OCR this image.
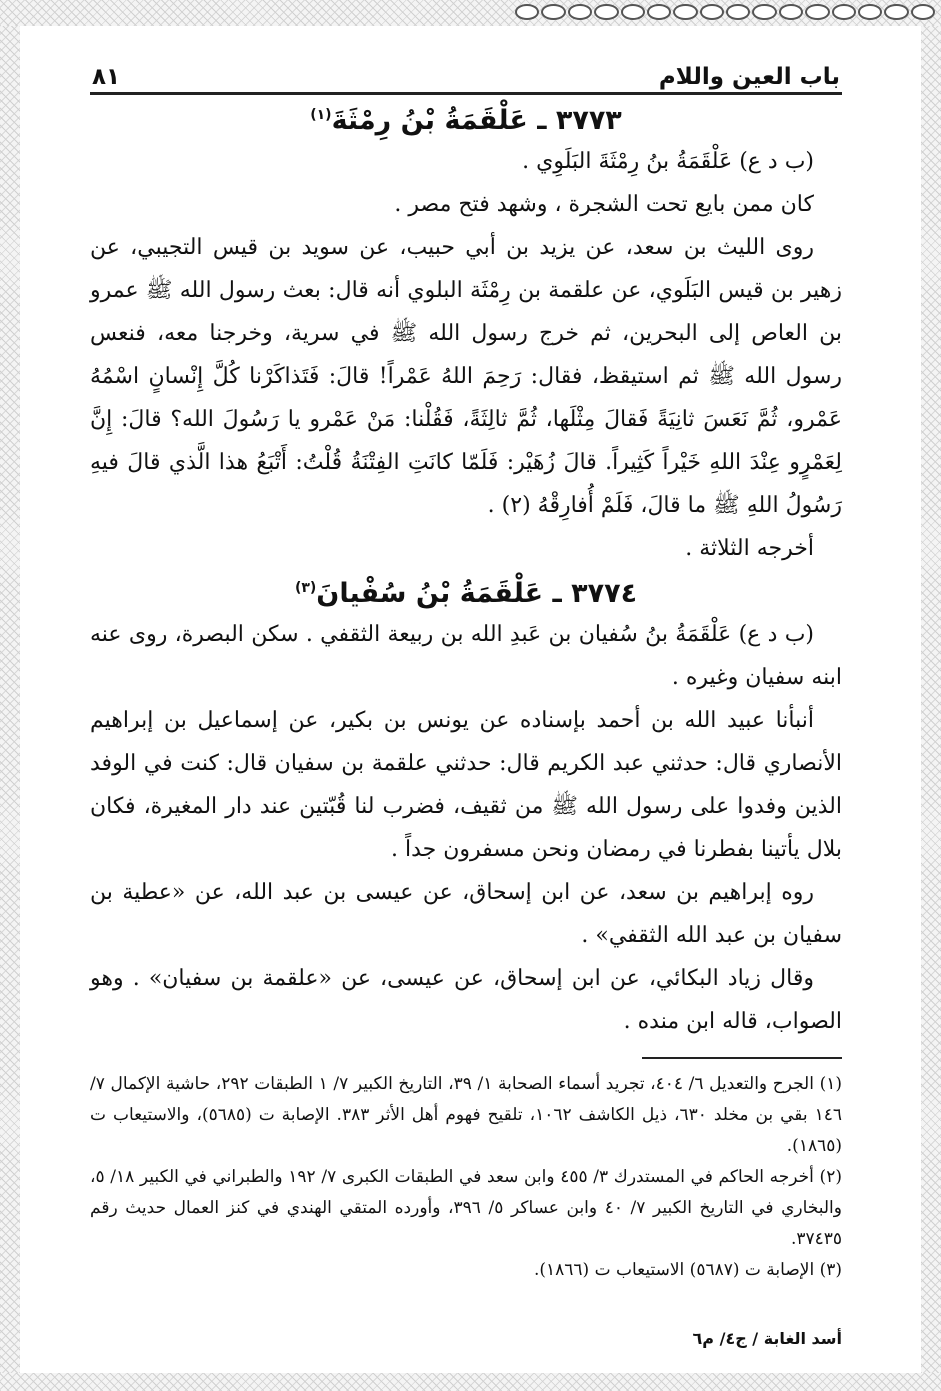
باب العين واللام
٨١
٣٧٧٣ ـ عَلْقَمَةُ بْنُ رِمْثَةَ$^{(١)}$

(ب د ع) عَلْقَمَةُ بنُ رِمْثَةَ البَلَوِي .

كان ممن بايع تحت الشجرة ، وشهد فتح مصر .

روى الليث بن سعد، عن يزيد بن أبي حبيب، عن سويد بن قيس التجيبي، عن زهير بن قيس البَلَوي، عن علقمة بن رِمْثَة البلوي أنه قال: بعث رسول الله ﷺ عمرو بن العاص إلى البحرين، ثم خرج رسول الله ﷺ في سرية، وخرجنا معه، فنعس رسول الله ﷺ ثم استيقظ، فقال: رَحِمَ اللهُ عَمْراً! قالَ: فَتَذاكَرْنا كُلَّ إِنْسانٍ اسْمُهُ عَمْرو، ثُمَّ نَعَسَ ثانِيَةً فَقالَ مِثْلَها، ثُمَّ ثالِثَةً، فَقُلْنا: مَنْ عَمْرو يا رَسُولَ الله؟ قالَ: إِنَّ لِعَمْرٍو عِنْدَ اللهِ خَيْراً كَثِيراً. قالَ زُهَيْر: فَلَمّا كانَتِ الفِتْنَةُ قُلْتُ: أَتْبَعُ هذا الَّذي قالَ فيهِ رَسُولُ اللهِ ﷺ ما قالَ، فَلَمْ أُفارِقْهُ (٢) .

أخرجه الثلاثة .

٣٧٧٤ ـ عَلْقَمَةُ بْنُ سُفْيانَ$^{(٣)}$

(ب د ع) عَلْقَمَةُ بنُ سُفيان بن عَبدِ الله بن ربيعة الثقفي . سكن البصرة، روى عنه ابنه سفيان وغيره .

أنبأنا عبيد الله بن أحمد بإسناده عن يونس بن بكير، عن إسماعيل بن إبراهيم الأنصاري قال: حدثني عبد الكريم قال: حدثني علقمة بن سفيان قال: كنت في الوفد الذين وفدوا على رسول الله ﷺ من ثقيف، فضرب لنا قُبّتين عند دار المغيرة، فكان بلال يأتينا بفطرنا في رمضان ونحن مسفرون جداً .

روه إبراهيم بن سعد، عن ابن إسحاق، عن عيسى بن عبد الله، عن «عطية بن سفيان بن عبد الله الثقفي» .

وقال زياد البكائي، عن ابن إسحاق، عن عيسى، عن «علقمة بن سفيان» . وهو الصواب، قاله ابن منده .

(١) الجرح والتعديل ٦/ ٤٠٤، تجريد أسماء الصحابة ١/ ٣٩، التاريخ الكبير ٧/ ١ الطبقات ٢٩٢، حاشية الإكمال ٧/ ١٤٦ بقي بن مخلد ٦٣٠، ذيل الكاشف ١٠٦٢، تلقيح فهوم أهل الأثر ٣٨٣. الإصابة ت (٥٦٨٥)، والاستيعاب ت (١٨٦٥).

(٢) أخرجه الحاكم في المستدرك ٣/ ٤٥٥ وابن سعد في الطبقات الكبرى ٧/ ١٩٢ والطبراني في الكبير ١٨/ ٥، والبخاري في التاريخ الكبير ٧/ ٤٠ وابن عساكر ٥/ ٣٩٦، وأورده المتقي الهندي في كنز العمال حديث رقم ٣٧٤٣٥.

(٣) الإصابة ت (٥٦٨٧) الاستيعاب ت (١٨٦٦).

أسد الغابة / ج٤/ م٦
